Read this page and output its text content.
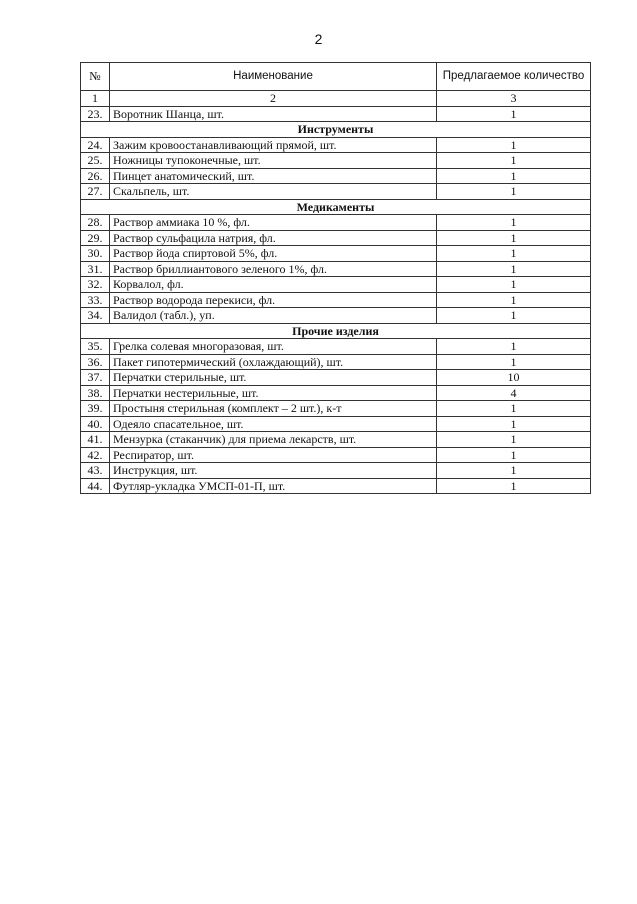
2
№	Наименование	Предлагаемое количество
1	2	3
23.	Воротник Шанца, шт.	1
Инструменты		
24.	Зажим кровоостанавливающий прямой, шт.	1
25.	Ножницы тупоконечные, шт.	1
26.	Пинцет анатомический, шт.	1
27.	Скальпель, шт.	1
Медикаменты		
28.	Раствор аммиака 10 %, фл.	1
29.	Раствор сульфацила натрия, фл.	1
30.	Раствор йода спиртовой 5%, фл.	1
31.	Раствор бриллиантового зеленого 1%, фл.	1
32.	Корвалол, фл.	1
33.	Раствор водорода перекиси, фл.	1
34.	Валидол (табл.), уп.	1
Прочие изделия		
35.	Грелка солевая многоразовая, шт.	1
36.	Пакет гипотермический (охлаждающий), шт.	1
37.	Перчатки стерильные, шт.	10
38.	Перчатки нестерильные, шт.	4
39.	Простыня стерильная (комплект – 2 шт.), к-т	1
40.	Одеяло спасательное, шт.	1
41.	Мензурка (стаканчик) для приема лекарств, шт.	1
42.	Респиратор, шт.	1
43.	Инструкция, шт.	1
44.	Футляр-укладка УМСП-01-П, шт.	1
